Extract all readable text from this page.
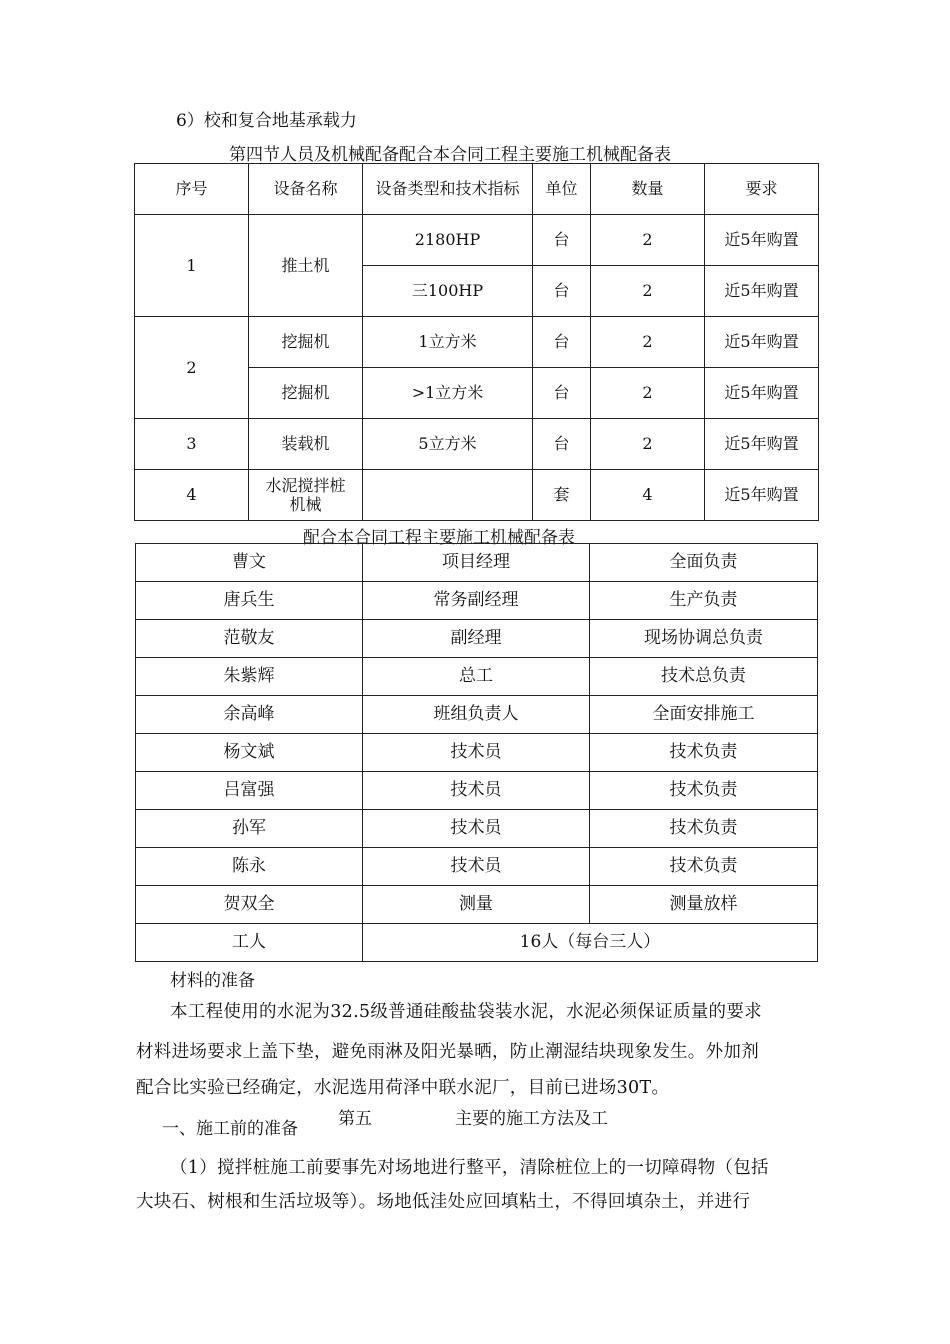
6）校和复合地基承载力
第四节人员及机械配备配合本合同工程主要施工机械配备表
序号	设备名称	设备类型和技术指标	单位	数量	要求
1	推土机	2180HP	台	2	近5年购置
		三100HP	台	2	近5年购置
2	挖掘机	1立方米	台	2	近5年购置
	挖掘机	>1立方米	台	2	近5年购置
3	装载机	5立方米	台	2	近5年购置
4	水泥搅拌桩机械		套	4	近5年购置
配合本合同工程主要施工机械配备表
曹文	项目经理	全面负责
唐兵生	常务副经理	生产负责
范敬友	副经理	现场协调总负责
朱紫辉	总工	技术总负责
余高峰	班组负责人	全面安排施工
杨文斌	技术员	技术负责
吕富强	技术员	技术负责
孙军	技术员	技术负责
陈永	技术员	技术负责
贺双全	测量	测量放样
工人	16人（每台三人）	
材料的准备
本工程使用的水泥为32.5级普通硅酸盐袋装水泥，水泥必须保证质量的要求
材料进场要求上盖下垫，避免雨淋及阳光暴晒，防止潮湿结块现象发生。外加剂
配合比实验已经确定，水泥选用荷泽中联水泥厂，目前已进场30T。
一、施工前的准备 第五	主要的施工方法及工
（1）搅拌桩施工前要事先对场地进行整平，清除桩位上的一切障碍物（包括
大块石、树根和生活垃圾等）。场地低洼处应回填粘土，不得回填杂土，并进行
